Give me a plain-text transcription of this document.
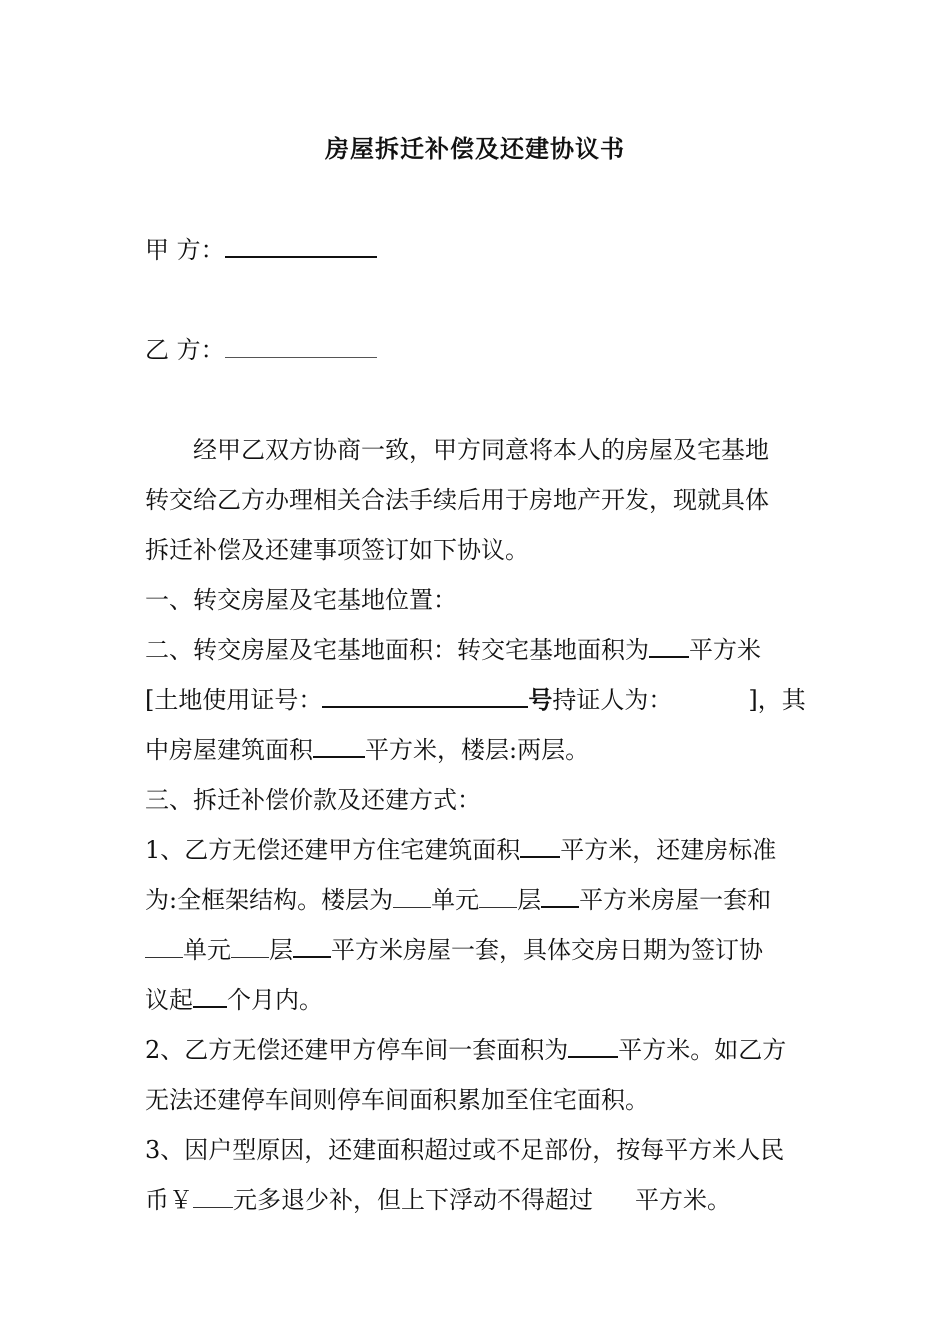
房屋拆迁补偿及还建协议书
甲 方：
乙 方：
经甲乙双方协商一致，甲方同意将本人的房屋及宅基地
转交给乙方办理相关合法手续后用于房地产开发，现就具体
拆迁补偿及还建事项签订如下协议。
一、转交房屋及宅基地位置：
二、转交房屋及宅基地面积：转交宅基地面积为 平方米
[土地使用证号：	号持证人为：	]，其
中房屋建筑面积 平方米，楼层:两层。
三、拆迁补偿价款及还建方式：
1、乙方无偿还建甲方住宅建筑面积 平方米，还建房标准
为:全框架结构。楼层为 单元 层 平方米房屋一套和
单元 层 平方米房屋一套，具体交房日期为签订协
议起 个月内。
2、乙方无偿还建甲方停车间一套面积为 平方米。如乙方
无法还建停车间则停车间面积累加至住宅面积。
3、因户型原因，还建面积超过或不足部份，按每平方米人民
币￥ 元多退少补，但上下浮动不得超过 平方米。
